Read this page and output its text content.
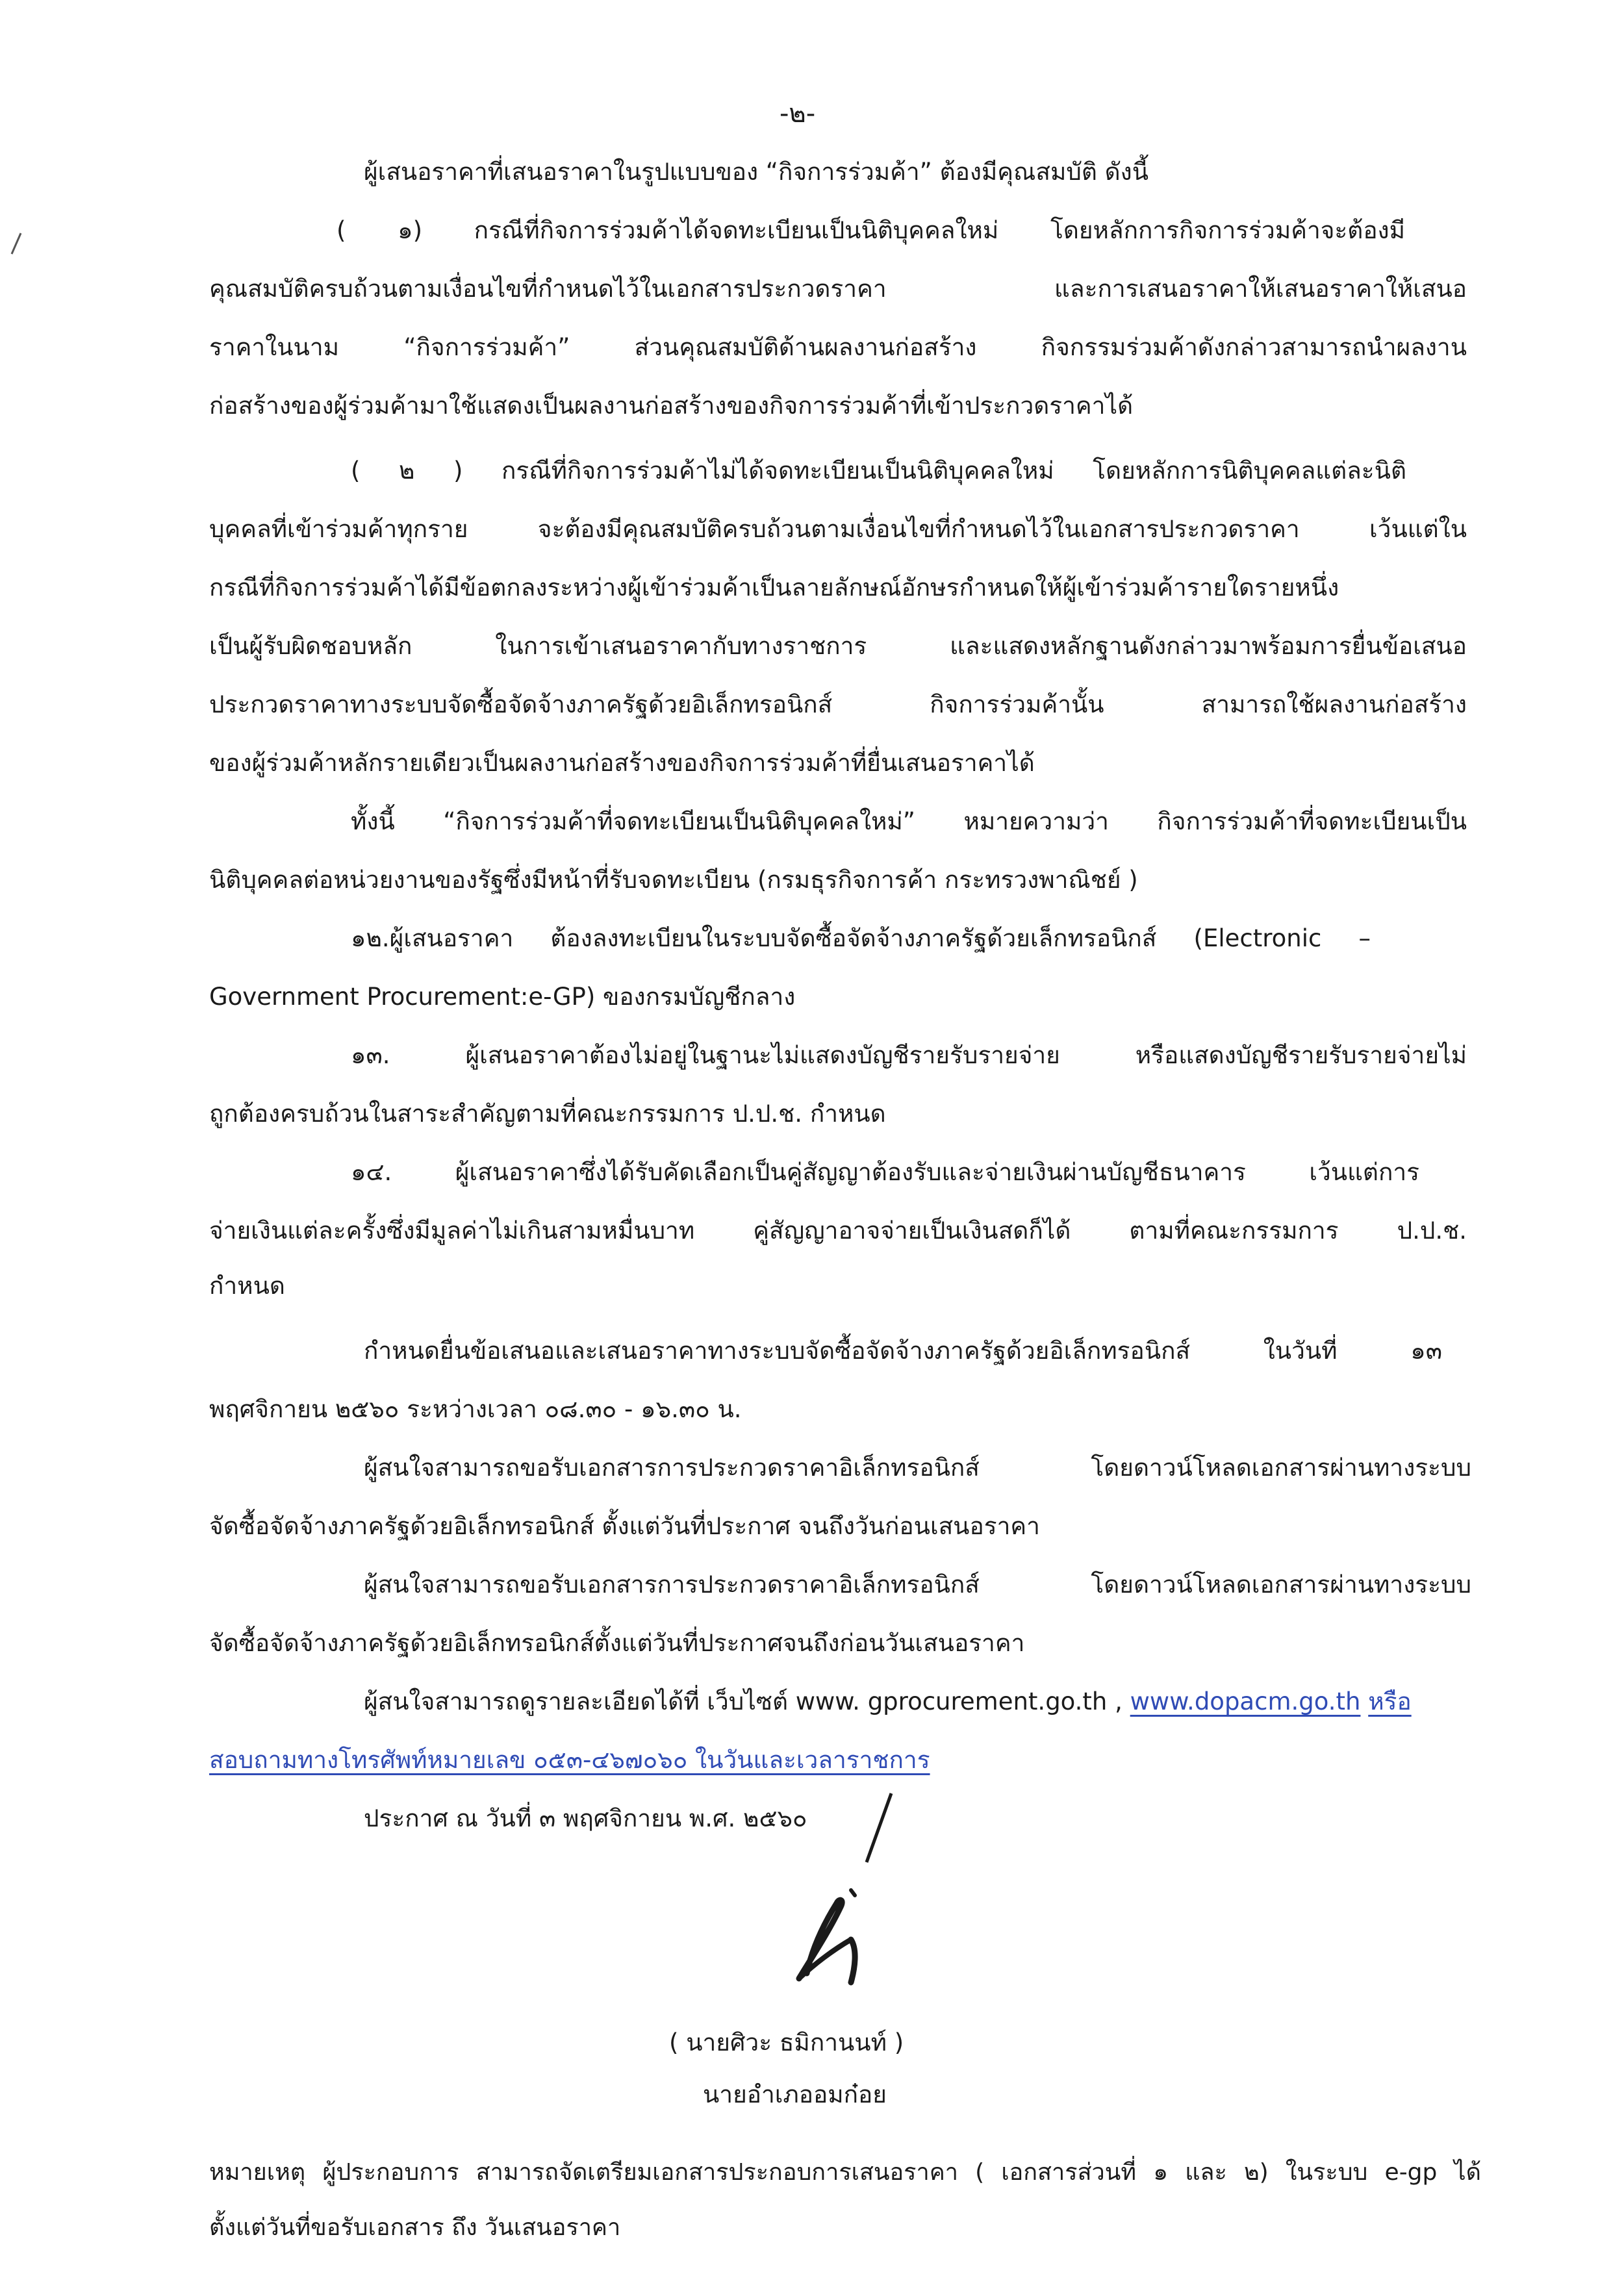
-๒-

ผู้เสนอราคาที่เสนอราคาในรูปแบบของ “กิจการร่วมค้า” ต้องมีคุณสมบัติ ดังนี้

( ๑) กรณีที่กิจการร่วมค้าได้จดทะเบียนเป็นนิติบุคคลใหม่ โดยหลักการกิจการร่วมค้าจะต้องมี

คุณสมบัติครบถ้วนตามเงื่อนไขที่กำหนดไว้ในเอกสารประกวดราคา และการเสนอราคาให้เสนอราคาให้เสนอ

ราคาในนาม “กิจการร่วมค้า” ส่วนคุณสมบัติด้านผลงานก่อสร้าง กิจกรรมร่วมค้าดังกล่าวสามารถนำผลงาน

ก่อสร้างของผู้ร่วมค้ามาใช้แสดงเป็นผลงานก่อสร้างของกิจการร่วมค้าที่เข้าประกวดราคาได้

( ๒ ) กรณีที่กิจการร่วมค้าไม่ได้จดทะเบียนเป็นนิติบุคคลใหม่ โดยหลักการนิติบุคคลแต่ละนิติ

บุคคลที่เข้าร่วมค้าทุกราย จะต้องมีคุณสมบัติครบถ้วนตามเงื่อนไขที่กำหนดไว้ในเอกสารประกวดราคา เว้นแต่ใน

กรณีที่กิจการร่วมค้าได้มีข้อตกลงระหว่างผู้เข้าร่วมค้าเป็นลายลักษณ์อักษรกำหนดให้ผู้เข้าร่วมค้ารายใดรายหนึ่ง

เป็นผู้รับผิดชอบหลัก ในการเข้าเสนอราคากับทางราชการ และแสดงหลักฐานดังกล่าวมาพร้อมการยื่นข้อเสนอ

ประกวดราคาทางระบบจัดซื้อจัดจ้างภาครัฐด้วยอิเล็กทรอนิกส์ กิจการร่วมค้านั้น สามารถใช้ผลงานก่อสร้าง

ของผู้ร่วมค้าหลักรายเดียวเป็นผลงานก่อสร้างของกิจการร่วมค้าที่ยื่นเสนอราคาได้

ทั้งนี้ “กิจการร่วมค้าที่จดทะเบียนเป็นนิติบุคคลใหม่” หมายความว่า กิจการร่วมค้าที่จดทะเบียนเป็น

นิติบุคคลต่อหน่วยงานของรัฐซึ่งมีหน้าที่รับจดทะเบียน (กรมธุรกิจการค้า กระทรวงพาณิชย์ )

๑๒.ผู้เสนอราคา ต้องลงทะเบียนในระบบจัดซื้อจัดจ้างภาครัฐด้วยเล็กทรอนิกส์ (Electronic –

Government Procurement:e-GP) ของกรมบัญชีกลาง

๑๓. ผู้เสนอราคาต้องไม่อยู่ในฐานะไม่แสดงบัญชีรายรับรายจ่าย หรือแสดงบัญชีรายรับรายจ่ายไม่

ถูกต้องครบถ้วนในสาระสำคัญตามที่คณะกรรมการ ป.ป.ช. กำหนด

๑๔. ผู้เสนอราคาซึ่งได้รับคัดเลือกเป็นคู่สัญญาต้องรับและจ่ายเงินผ่านบัญชีธนาคาร เว้นแต่การ

จ่ายเงินแต่ละครั้งซึ่งมีมูลค่าไม่เกินสามหมื่นบาท คู่สัญญาอาจจ่ายเป็นเงินสดก็ได้ ตามที่คณะกรรมการ ป.ป.ช.

กำหนด

กำหนดยื่นข้อเสนอและเสนอราคาทางระบบจัดซื้อจัดจ้างภาครัฐด้วยอิเล็กทรอนิกส์ ในวันที่ ๑๓

พฤศจิกายน ๒๕๖๐ ระหว่างเวลา ๐๘.๓๐ - ๑๖.๓๐ น.

ผู้สนใจสามารถขอรับเอกสารการประกวดราคาอิเล็กทรอนิกส์ โดยดาวน์โหลดเอกสารผ่านทางระบบ

จัดซื้อจัดจ้างภาครัฐด้วยอิเล็กทรอนิกส์ ตั้งแต่วันที่ประกาศ จนถึงวันก่อนเสนอราคา

ผู้สนใจสามารถขอรับเอกสารการประกวดราคาอิเล็กทรอนิกส์ โดยดาวน์โหลดเอกสารผ่านทางระบบ

จัดซื้อจัดจ้างภาครัฐด้วยอิเล็กทรอนิกส์ตั้งแต่วันที่ประกาศจนถึงก่อนวันเสนอราคา

ผู้สนใจสามารถดูรายละเอียดได้ที่ เว็บไซต์ www. gprocurement.go.th , www.dopacm.go.th หรือ

สอบถามทางโทรศัพท์หมายเลข ๐๕๓-๔๖๗๐๖๐ ในวันและเวลาราชการ

ประกาศ ณ วันที่ ๓ พฤศจิกายน พ.ศ. ๒๕๖๐

( นายศิวะ ธมิกานนท์ )

นายอำเภออมก๋อย

หมายเหตุ ผู้ประกอบการ สามารถจัดเตรียมเอกสารประกอบการเสนอราคา ( เอกสารส่วนที่ ๑ และ ๒) ในระบบ e-gp ได้

ตั้งแต่วันที่ขอรับเอกสาร ถึง วันเสนอราคา
